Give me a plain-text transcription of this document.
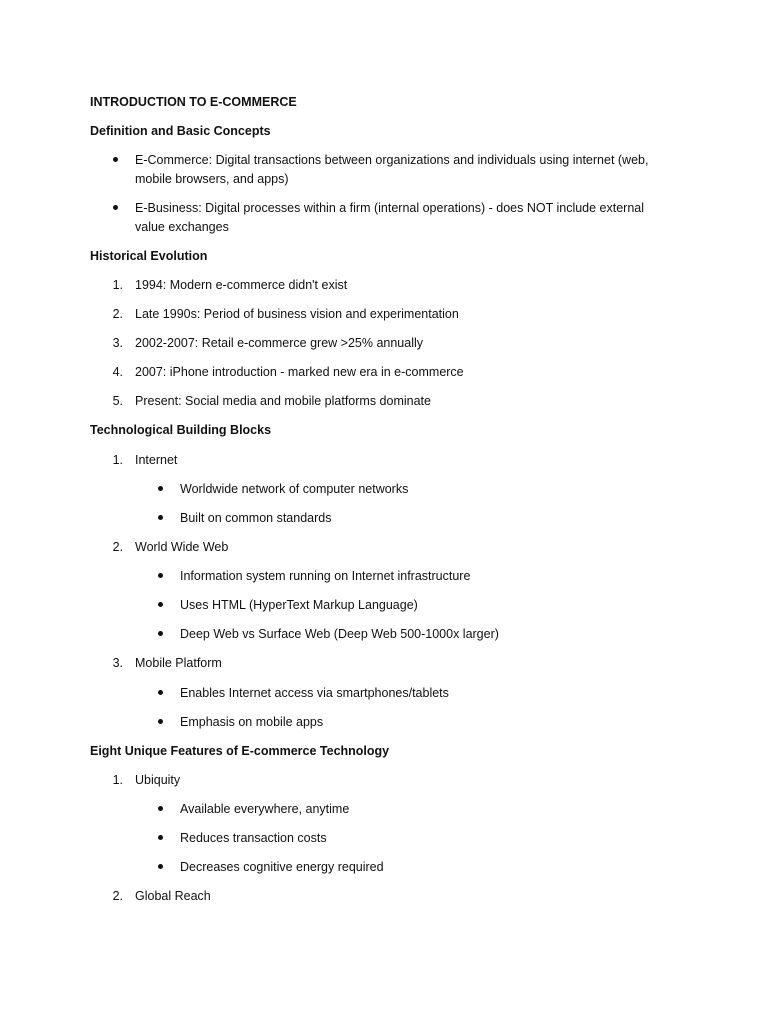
INTRODUCTION TO E-COMMERCE
Definition and Basic Concepts
E-Commerce: Digital transactions between organizations and individuals using internet (web,
mobile browsers, and apps)
E-Business: Digital processes within a firm (internal operations) - does NOT include external
value exchanges
Historical Evolution
1. 1994: Modern e-commerce didn't exist
2. Late 1990s: Period of business vision and experimentation
3. 2002-2007: Retail e-commerce grew >25% annually
4. 2007: iPhone introduction - marked new era in e-commerce
5. Present: Social media and mobile platforms dominate
Technological Building Blocks
1. Internet
Worldwide network of computer networks
Built on common standards
2. World Wide Web
Information system running on Internet infrastructure
Uses HTML (HyperText Markup Language)
Deep Web vs Surface Web (Deep Web 500-1000x larger)
3. Mobile Platform
Enables Internet access via smartphones/tablets
Emphasis on mobile apps
Eight Unique Features of E-commerce Technology
1. Ubiquity
Available everywhere, anytime
Reduces transaction costs
Decreases cognitive energy required
2. Global Reach
